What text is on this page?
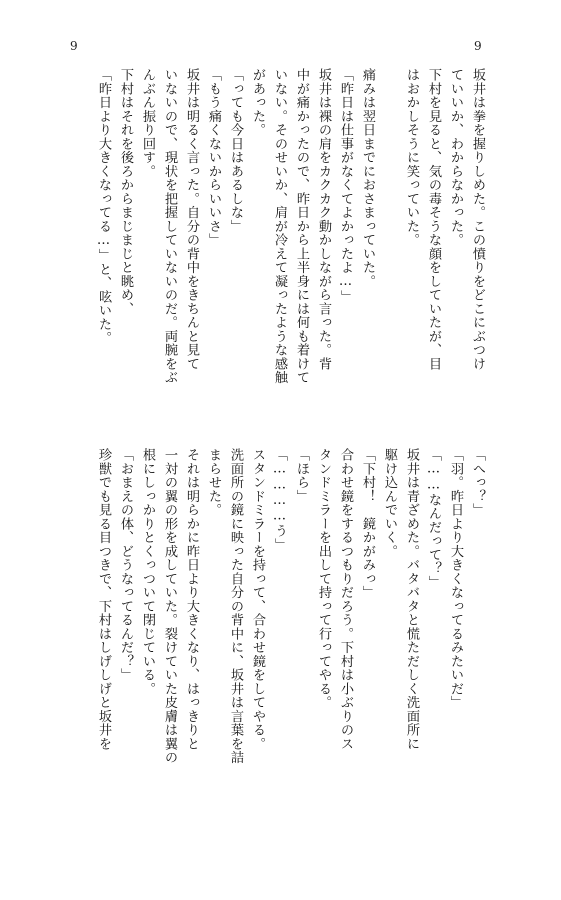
9	9
坂井は拳を握りしめた。この憤りをどこにぶつけ
ていいか、わからなかった。
下村を見ると、気の毒そうな顔をしていたが、目
はおかしそうに笑っていた。
痛みは翌日までにおさまっていた。
「昨日は仕事がなくてよかったよ…」
坂井は裸の肩をカクカク動かしながら言った。背
中が痛かったので、昨日から上半身には何も着けて
いない。そのせいか、肩が冷えて凝ったような感触
があった。
「っても今日はあるしな」
「もう痛くないからいいさ」
坂井は明るく言った。自分の背中をきちんと見て
いないので、現状を把握していないのだ。両腕をぶ
んぶん振り回す。
下村はそれを後ろからまじまじと眺め、
「昨日より大きくなってる…」と、呟いた。
「へっ？」
「羽。昨日より大きくなってるみたいだ」
「……なんだって？」
坂井は青ざめた。バタバタと慌ただしく洗面所に
駆け込んでいく。
「下村！　鏡かがみっ」
合わせ鏡をするつもりだろう。下村は小ぶりのス
タンドミラーを出して持って行ってやる。
「ほら」
「…………う」
スタンドミラーを持って、合わせ鏡をしてやる。
洗面所の鏡に映った自分の背中に、坂井は言葉を詰
まらせた。
それは明らかに昨日より大きくなり、はっきりと
一対の翼の形を成していた。裂けていた皮膚は翼の
根にしっかりとくっついて閉じている。
「おまえの体、どうなってるんだ？」
珍獣でも見る目つきで、下村はしげしげと坂井を
